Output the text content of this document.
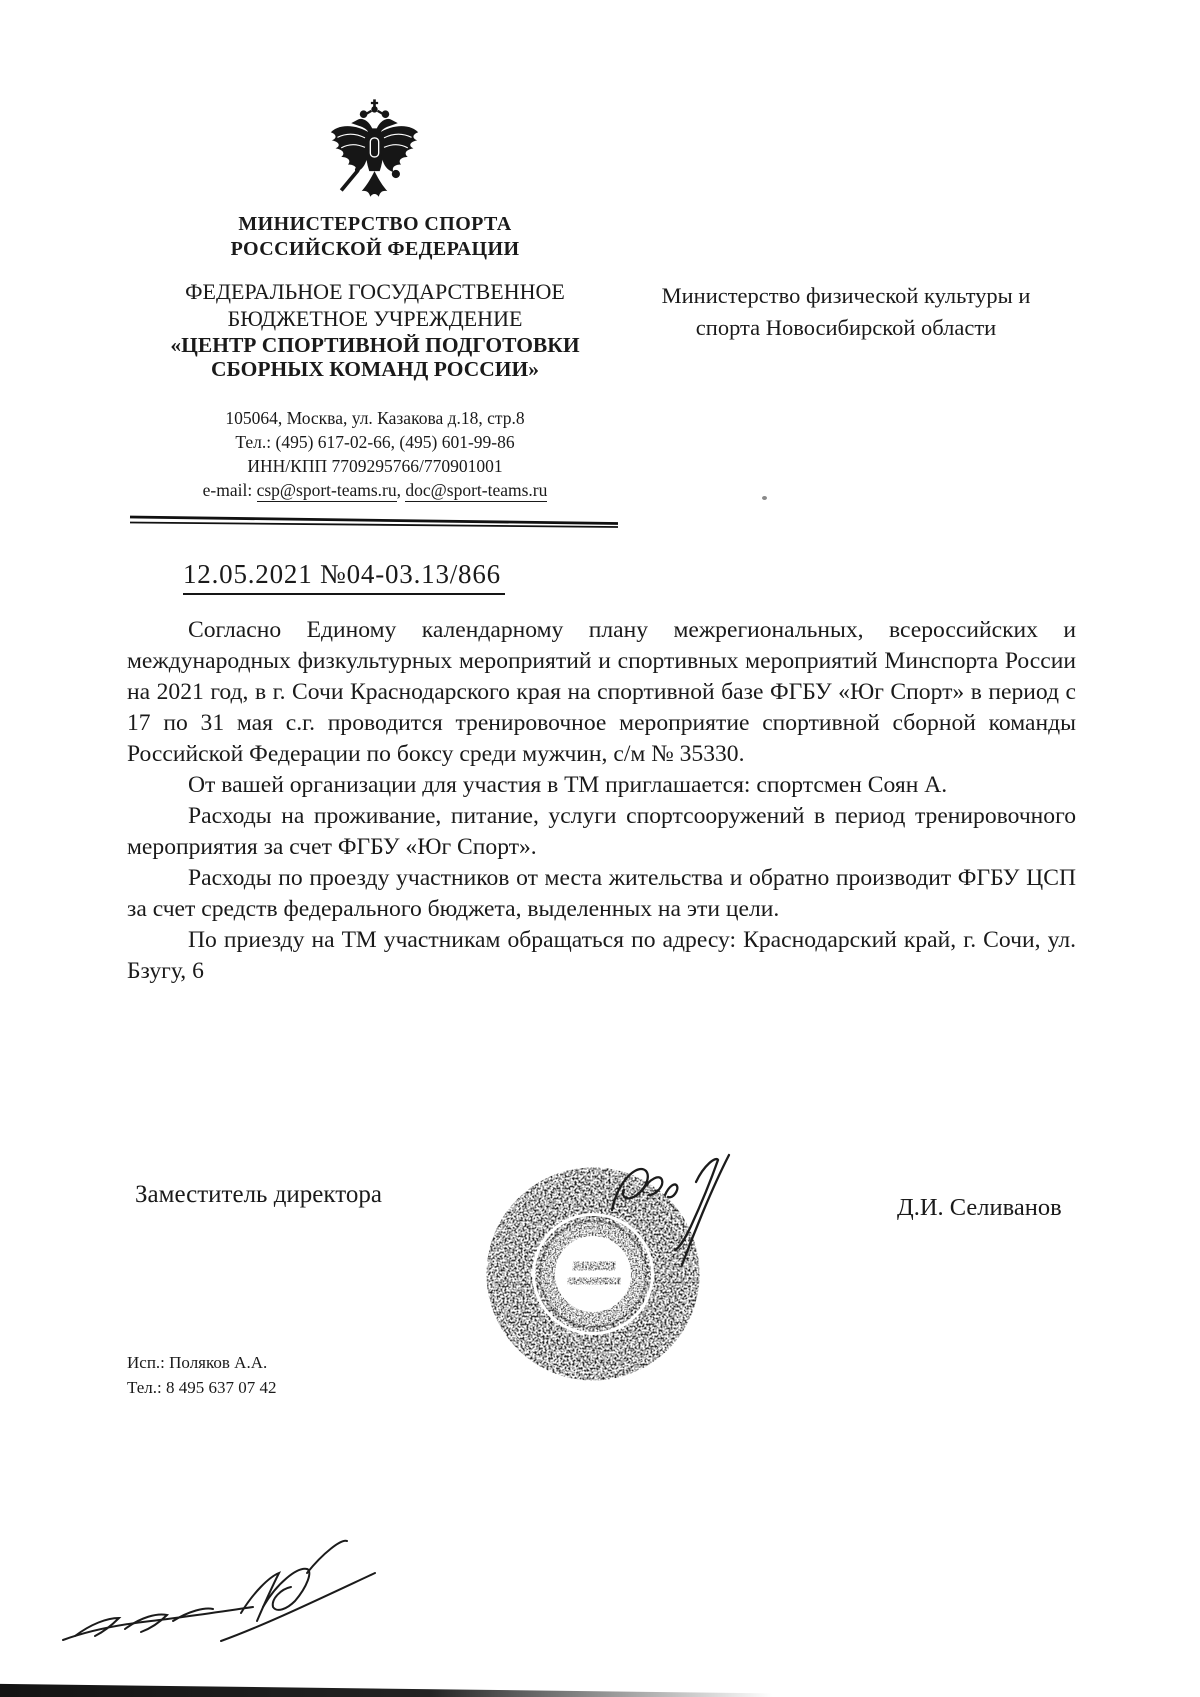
МИНИСТЕРСТВО СПОРТА
РОССИЙСКОЙ ФЕДЕРАЦИИ
ФЕДЕРАЛЬНОЕ ГОСУДАРСТВЕННОЕ
БЮДЖЕТНОЕ УЧРЕЖДЕНИЕ
«ЦЕНТР СПОРТИВНОЙ ПОДГОТОВКИ
СБОРНЫХ КОМАНД РОССИИ»
105064, Москва, ул. Казакова д.18, стр.8
Тел.: (495) 617-02-66, (495) 601-99-86
ИНН/КПП 7709295766/770901001
e-mail: csp@sport-teams.ru, doc@sport-teams.ru
Министерство физической культуры и
спорта Новосибирской области
12.05.2021 №04-03.13/866

Согласно Единому календарному плану межрегиональных, всероссийских и международных физкультурных мероприятий и спортивных мероприятий Минспорта России на 2021 год, в г. Сочи Краснодарского края на спортивной базе ФГБУ «Юг Спорт» в период с 17 по 31 мая с.г. проводится тренировочное мероприятие спортивной сборной команды Российской Федерации по боксу среди мужчин, с/м № 35330.

От вашей организации для участия в ТМ приглашается: спортсмен Соян А.

Расходы на проживание, питание, услуги спортсооружений в период тренировочного мероприятия за счет ФГБУ «Юг Спорт».

Расходы по проезду участников от места жительства и обратно производит ФГБУ ЦСП за счет средств федерального бюджета, выделенных на эти цели.

По приезду на ТМ участникам обращаться по адресу: Краснодарский край, г. Сочи, ул. Бзугу, 6

Заместитель директора	Д.И. Селиванов
Исп.: Поляков А.А.
Тел.: 8 495 637 07 42
